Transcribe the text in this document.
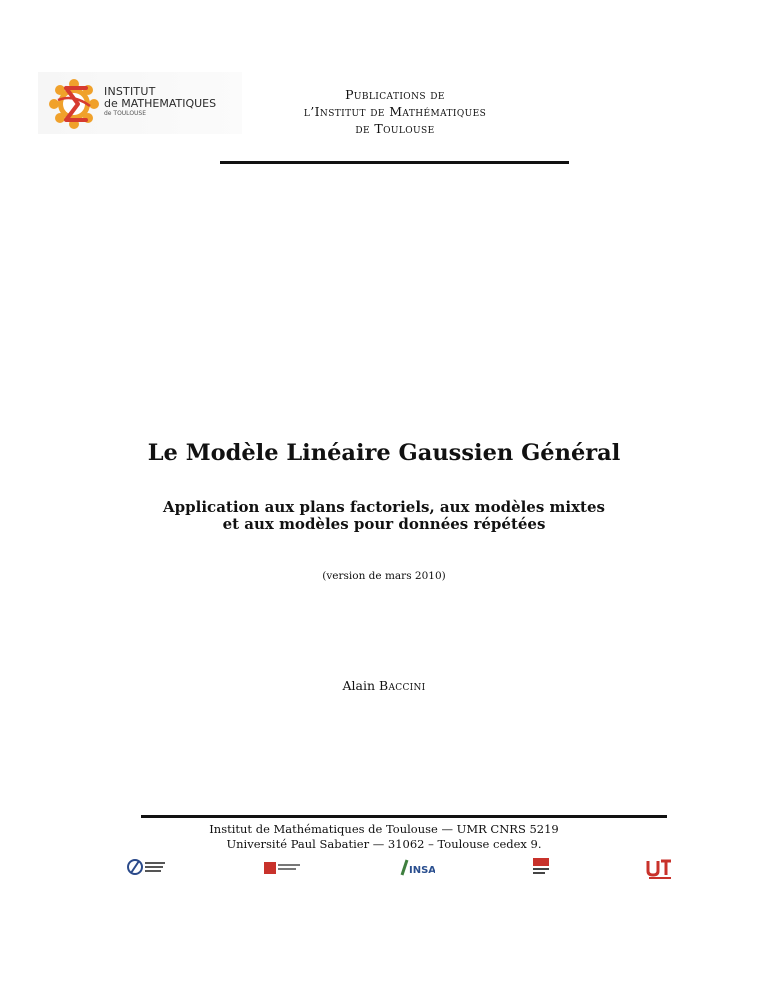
INSTITUT
de MATHEMATIQUES
de TOULOUSE
Publications de
l’Institut de Mathématiques
de Toulouse
Le Modèle Linéaire Gaussien Général
Application aux plans factoriels, aux modèles mixtes
et aux modèles pour données répétées
(version de mars 2010)
Alain Baccini
Institut de Mathématiques de Toulouse — UMR CNRS 5219
Université Paul Sabatier — 31062 – Toulouse cedex 9.
INSA
